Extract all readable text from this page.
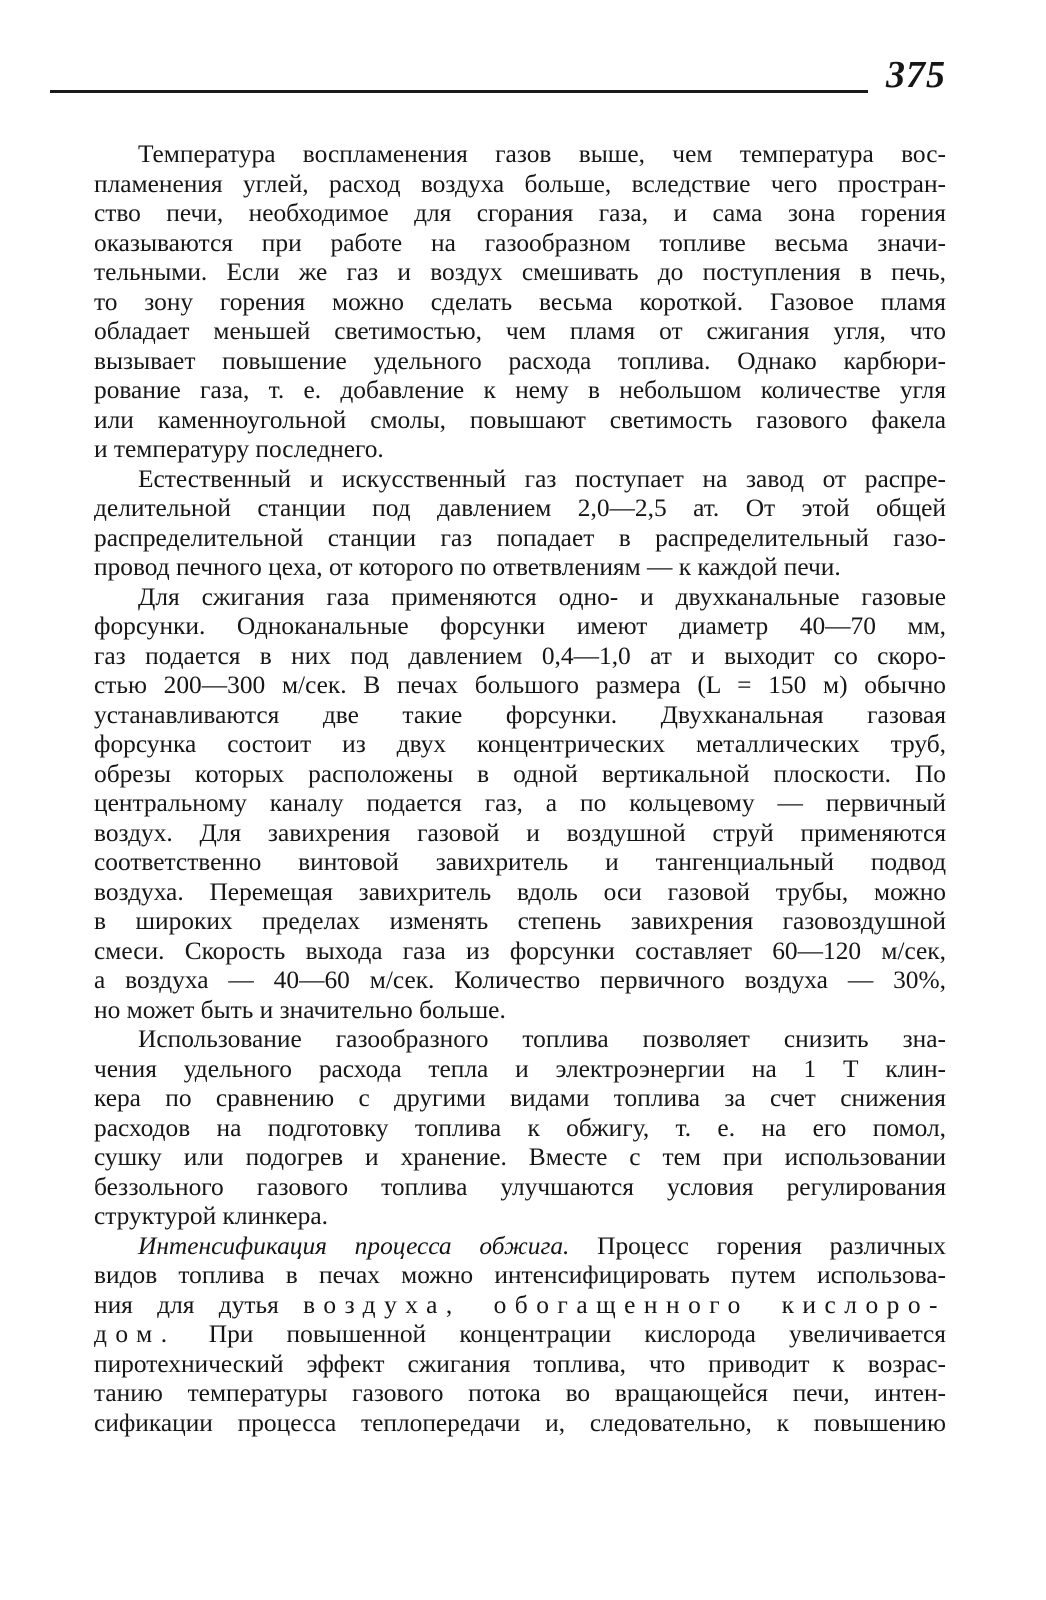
375
Температура воспламенения газов выше, чем температура вос-
пламенения углей, расход воздуха больше, вследствие чего простран-
ство печи, необходимое для сгорания газа, и сама зона горения
оказываются при работе на газообразном топливе весьма значи-
тельными. Если же газ и воздух смешивать до поступления в печь,
то зону горения можно сделать весьма короткой. Газовое пламя
обладает меньшей светимостью, чем пламя от сжигания угля, что
вызывает повышение удельного расхода топлива. Однако карбюри-
рование газа, т. е. добавление к нему в небольшом количестве угля
или каменноугольной смолы, повышают светимость газового факела
и температуру последнего.
Естественный и искусственный газ поступает на завод от распре-
делительной станции под давлением 2,0—2,5 ат. От этой общей
распределительной станции газ попадает в распределительный газо-
провод печного цеха, от которого по ответвлениям — к каждой печи.
Для сжигания газа применяются одно- и двухканальные газовые
форсунки. Одноканальные форсунки имеют диаметр 40—70 мм,
газ подается в них под давлением 0,4—1,0 ат и выходит со скоро-
стью 200—300 м/сек. В печах большого размера (L = 150 м) обычно
устанавливаются две такие форсунки. Двухканальная газовая
форсунка состоит из двух концентрических металлических труб,
обрезы которых расположены в одной вертикальной плоскости. По
центральному каналу подается газ, а по кольцевому — первичный
воздух. Для завихрения газовой и воздушной струй применяются
соответственно винтовой завихритель и тангенциальный подвод
воздуха. Перемещая завихритель вдоль оси газовой трубы, можно
в широких пределах изменять степень завихрения газовоздушной
смеси. Скорость выхода газа из форсунки составляет 60—120 м/сек,
а воздуха — 40—60 м/сек. Количество первичного воздуха — 30%,
но может быть и значительно больше.
Использование газообразного топлива позволяет снизить зна-
чения удельного расхода тепла и электроэнергии на 1 Т клин-
кера по сравнению с другими видами топлива за счет снижения
расходов на подготовку топлива к обжигу, т. е. на его помол,
сушку или подогрев и хранение. Вместе с тем при использовании
беззольного газового топлива улучшаются условия регулирования
структурой клинкера.
Интенсификация процесса обжига. Процесс горения различных
видов топлива в печах можно интенсифицировать путем использова-
ния для дутья воздуха, обогащенного кислоро-
дом. При повышенной концентрации кислорода увеличивается
пиротехнический эффект сжигания топлива, что приводит к возрас-
танию температуры газового потока во вращающейся печи, интен-
сификации процесса теплопередачи и, следовательно, к повышению
